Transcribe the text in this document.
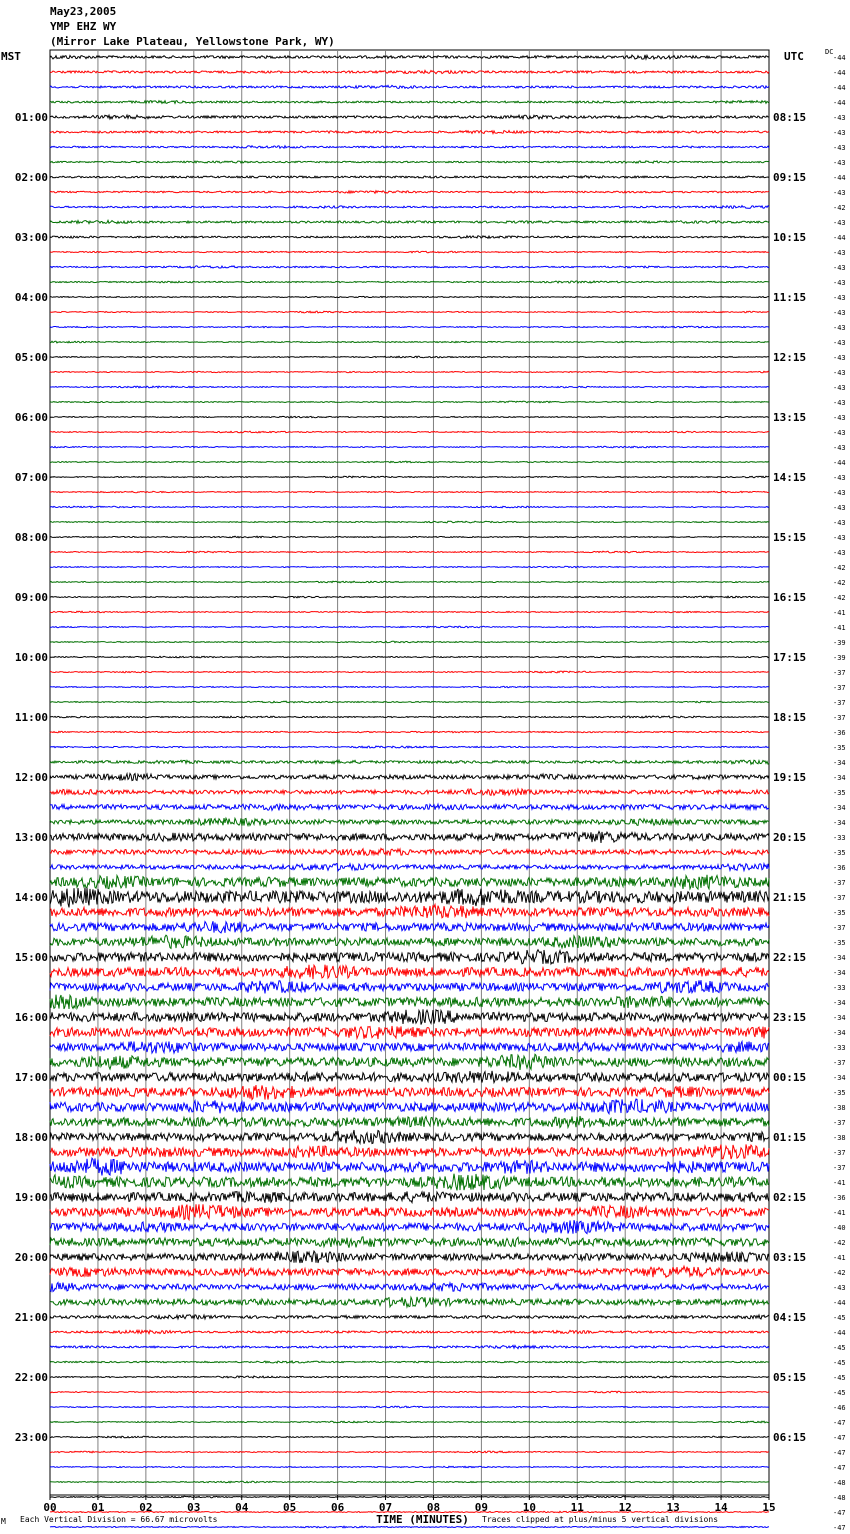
May23,2005
YMP EHZ WY
(Mirror Lake Plateau, Yellowstone Park, WY)
MST	UTC	DC
-44
-44
-44
-44
-43
-43
-43
-43
-44
-43
-42
-43
-44
-43
-43
-43
-43
-43
-43
-43
-43
-43
-43
-43
-43
-43
-43
-44
-43
-43
-43
-43
-43
-43
-42
-42
-42
-41
-41
-39
-39
-37
-37
-37
-37
-36
-35
-34
-34
-35
-34
-34
-33
-35
-36
-37
-37
-35
-37
-35
-34
-34
-33
-34
-34
-34
-33
-37
-34
-35
-38
-37
-38
-37
-37
-41
-36
-41
-40
-42
-41
-42
-43
-44
-45
-44
-45
-45
-45
-45
-46
-47
-47
-47
-47
-48
-48
-47
-47
01:00
02:00
03:00
04:00
05:00
06:00
07:00
08:00
09:00
10:00
11:00
12:00
13:00
14:00
15:00
16:00
17:00
18:00
19:00
20:00
21:00
22:00
23:00
08:15
09:15
10:15
11:15
12:15
13:15
14:15
15:15
16:15
17:15
18:15
19:15
20:15
21:15
22:15
23:15
00:15
01:15
02:15
03:15
04:15
05:15
06:15
00	01	02	03	04	05	06	07	08	09	10	11	12	13	14	15
TIME (MINUTES)
M Each Vertical Division = 66.67 microvolts	Traces clipped at plus/minus 5 vertical divisions
